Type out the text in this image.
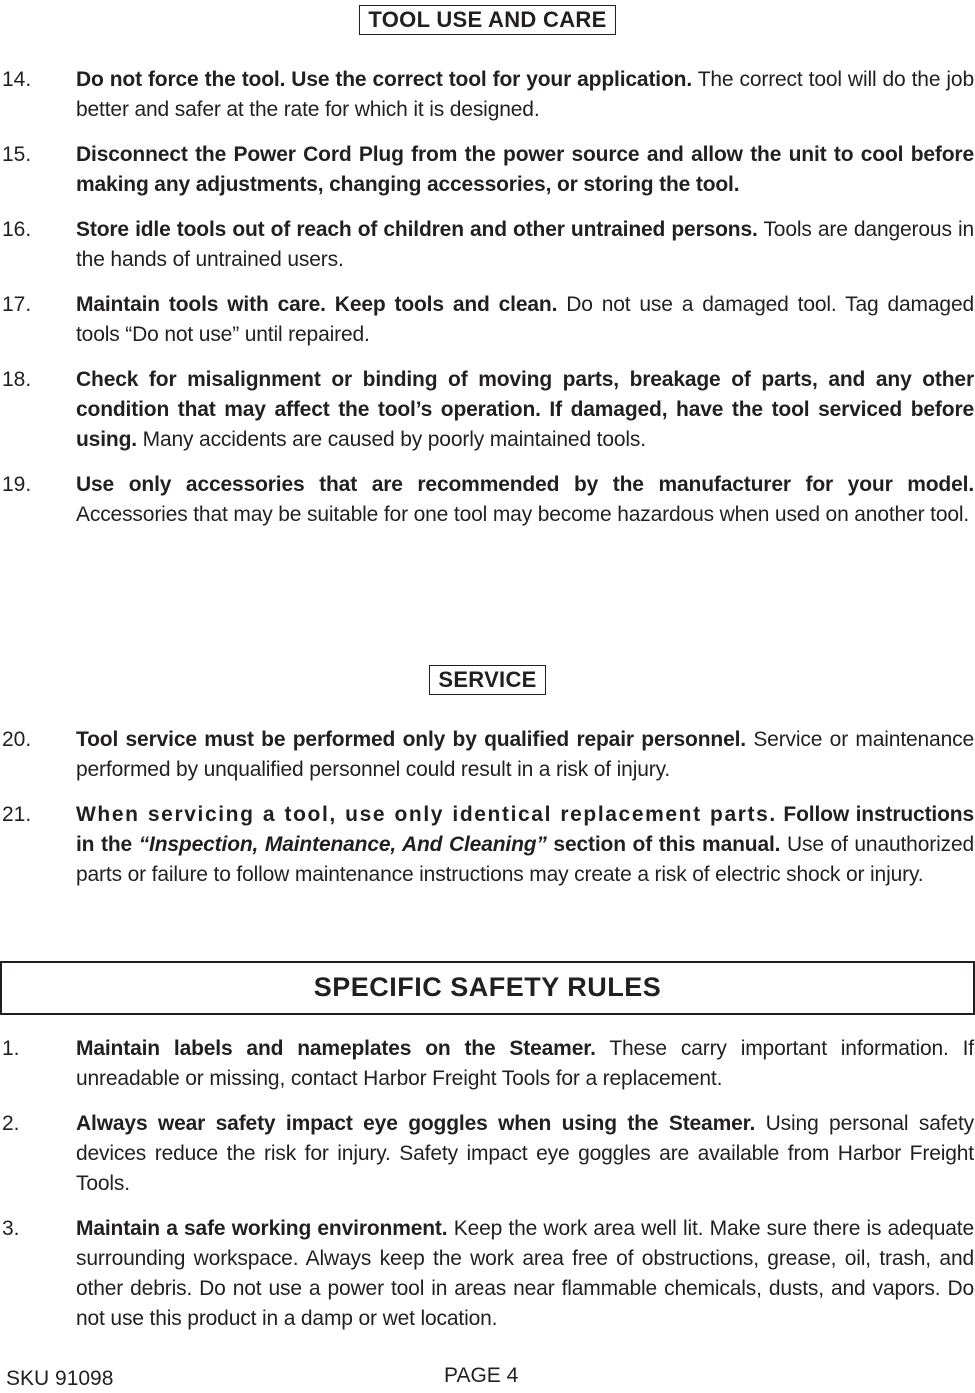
TOOL USE AND CARE
14. Do not force the tool. Use the correct tool for your application. The correct tool will do the job better and safer at the rate for which it is designed.
15. Disconnect the Power Cord Plug from the power source and allow the unit to cool before making any adjustments, changing accessories, or storing the tool.
16. Store idle tools out of reach of children and other untrained persons. Tools are dangerous in the hands of untrained users.
17. Maintain tools with care. Keep tools and clean. Do not use a damaged tool. Tag damaged tools “Do not use” until repaired.
18. Check for misalignment or binding of moving parts, breakage of parts, and any other condition that may affect the tool’s operation. If damaged, have the tool serviced before using. Many accidents are caused by poorly maintained tools.
19. Use only accessories that are recommended by the manufacturer for your model. Accessories that may be suitable for one tool may become hazardous when used on another tool.
SERVICE
20. Tool service must be performed only by qualified repair personnel. Service or maintenance performed by unqualified personnel could result in a risk of injury.
21. When servicing a tool, use only identical replacement parts. Follow instructions in the “Inspection, Maintenance, And Cleaning” section of this manual. Use of unauthorized parts or failure to follow maintenance instructions may create a risk of electric shock or injury.
SPECIFIC SAFETY RULES
1.	Maintain labels and nameplates on the Steamer. These carry important information. If unreadable or missing, contact Harbor Freight Tools for a replacement.
2.	Always wear safety impact eye goggles when using the Steamer. Using personal safety devices reduce the risk for injury. Safety impact eye goggles are available from Harbor Freight Tools.
3.	Maintain a safe working environment. Keep the work area well lit. Make sure there is adequate surrounding workspace. Always keep the work area free of obstructions, grease, oil, trash, and other debris. Do not use a power tool in areas near flammable chemicals, dusts, and vapors. Do not use this product in a damp or wet location.
SKU 91098	PAGE 4
